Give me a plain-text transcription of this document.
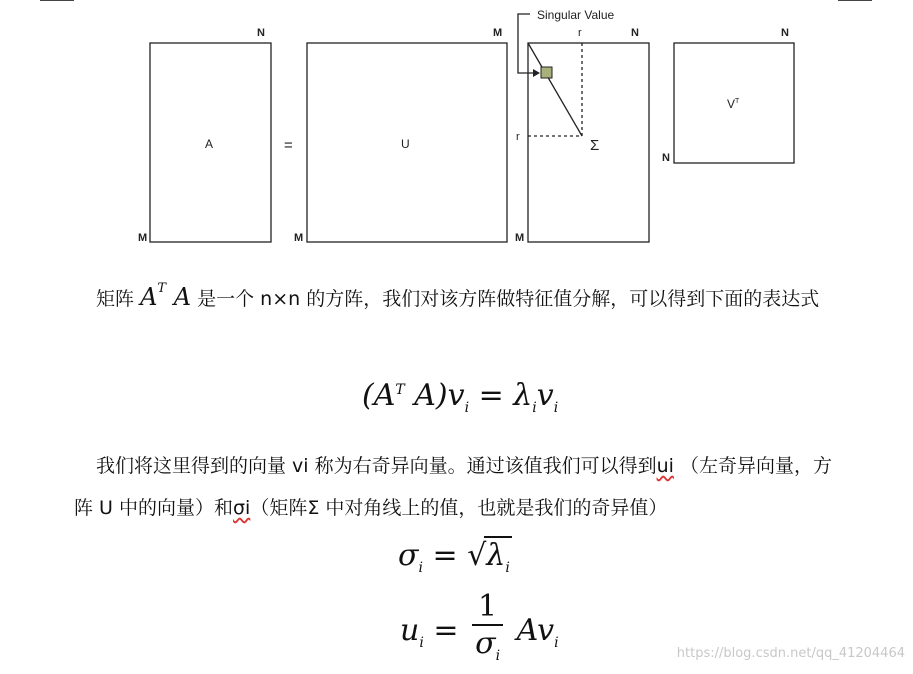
A	=	U	Σ
$V^T$
Singular Value
N
M
M
M
r	N
r
M
N
N
矩阵 $A^T$ A 是一个 n×n 的方阵，我们对该方阵做特征值分解，可以得到下面的表达式
($A^T$ $A)v_i = \lambda_iv_i$
我们将这里得到的向量 vi 称为右奇异向量。通过该值我们可以得到ui （左奇异向量，方阵 U 中的向量）和σi（矩阵Σ 中对角线上的值，也就是我们的奇异值）
$\sigma_i = √\lambda_i$
$u_i = \frac{1}{\sigma_i} Av_i$
https://blog.csdn.net/qq_41204464
